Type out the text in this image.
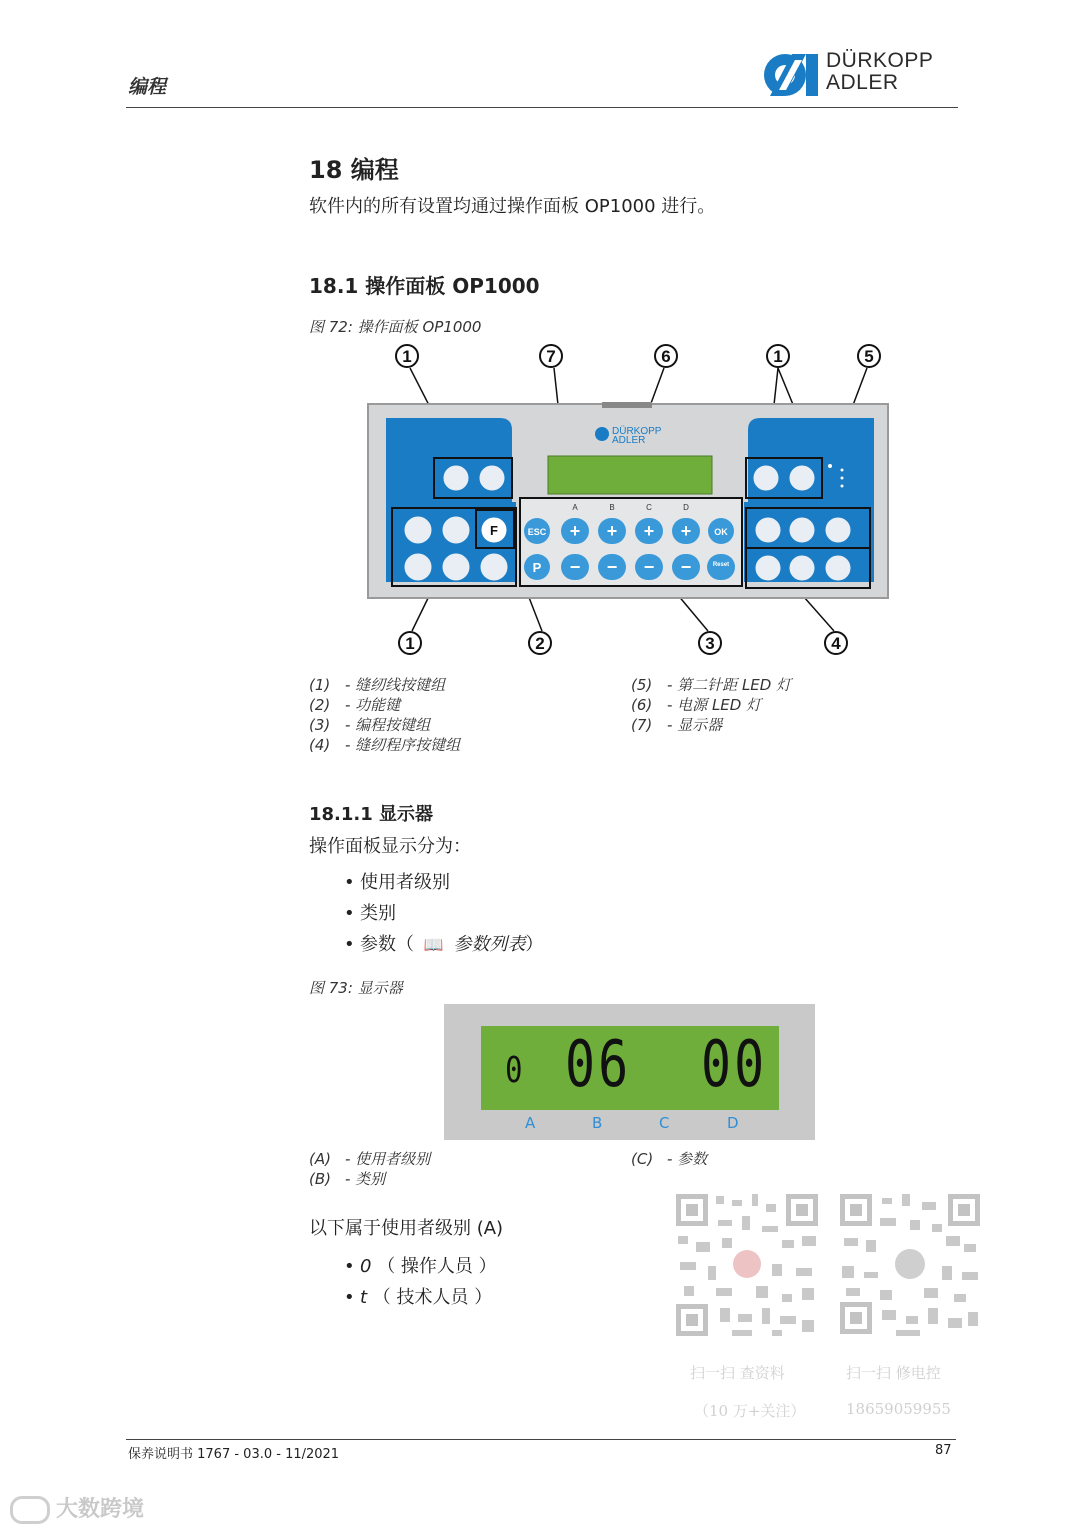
编程
DÜRKOPP
ADLER
18 编程
软件内的所有设置均通过操作面板 OP1000 进行。
18.1 操作面板 OP1000
图 72: 操作面板 OP1000
1	7	6	1	5
1	2	3	4
DÜRKOPP
ADLER
A	B	C	D
ESC	OK
P
+ + + +
− − − −	Reset
F
(1) - 缝纫线按键组
(2) - 功能键
(3) - 编程按键组
(4) - 缝纫程序按键组
(5) - 第二针距 LED 灯
(6) - 电源 LED 灯
(7) - 显示器
18.1.1 显示器
操作面板显示分为：
• 使用者级别
• 类别
• 参数（ 📖 参数列表）
图 73: 显示器
0 06 00
A	B	C	D
(A) - 使用者级别
(B) - 类别
(C) - 参数
以下属于使用者级别 (A)
• 0 （ 操作人员 ）
• t （ 技术人员 ）
扫一扫 查资料
（10 万+关注）
扫一扫 修电控
18659059955
保养说明书 1767 - 03.0 - 11/2021	87
大数跨境
